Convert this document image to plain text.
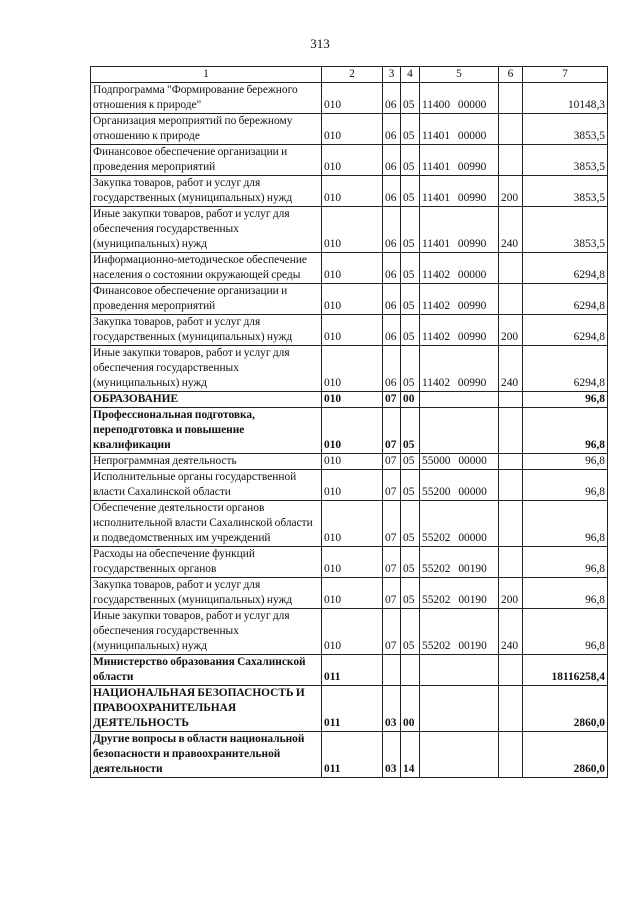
313
1	2	3	4	5	6	7
Подпрограмма "Формирование бережного отношения к природе"	010	06	05	11400 00000		10148,3
Организация мероприятий по бережному отношению к природе	010	06	05	11401 00000		3853,5
Финансовое обеспечение организации и проведения мероприятий	010	06	05	11401 00990		3853,5
Закупка товаров, работ и услуг для государственных (муниципальных) нужд	010	06	05	11401 00990	200	3853,5
Иные закупки товаров, работ и услуг для обеспечения государственных (муниципальных) нужд	010	06	05	11401 00990	240	3853,5
Информационно-методическое обеспечение населения о состоянии окружающей среды	010	06	05	11402 00000		6294,8
Финансовое обеспечение организации и проведения мероприятий	010	06	05	11402 00990		6294,8
Закупка товаров, работ и услуг для государственных (муниципальных) нужд	010	06	05	11402 00990	200	6294,8
Иные закупки товаров, работ и услуг для обеспечения государственных (муниципальных) нужд	010	06	05	11402 00990	240	6294,8
ОБРАЗОВАНИЕ	010	07	00			96,8
Профессиональная подготовка, переподготовка и повышение квалификации	010	07	05			96,8
Непрограммная деятельность	010	07	05	55000 00000		96,8
Исполнительные органы государственной власти Сахалинской области	010	07	05	55200 00000		96,8
Обеспечение деятельности органов исполнительной власти Сахалинской области и подведомственных им учреждений	010	07	05	55202 00000		96,8
Расходы на обеспечение функций государственных органов	010	07	05	55202 00190		96,8
Закупка товаров, работ и услуг для государственных (муниципальных) нужд	010	07	05	55202 00190	200	96,8
Иные закупки товаров, работ и услуг для обеспечения государственных (муниципальных) нужд	010	07	05	55202 00190	240	96,8
Министерство образования Сахалинской области	011					18116258,4
НАЦИОНАЛЬНАЯ БЕЗОПАСНОСТЬ И ПРАВООХРАНИТЕЛЬНАЯ ДЕЯТЕЛЬНОСТЬ	011	03	00			2860,0
Другие вопросы в области национальной безопасности и правоохранительной деятельности	011	03	14			2860,0
